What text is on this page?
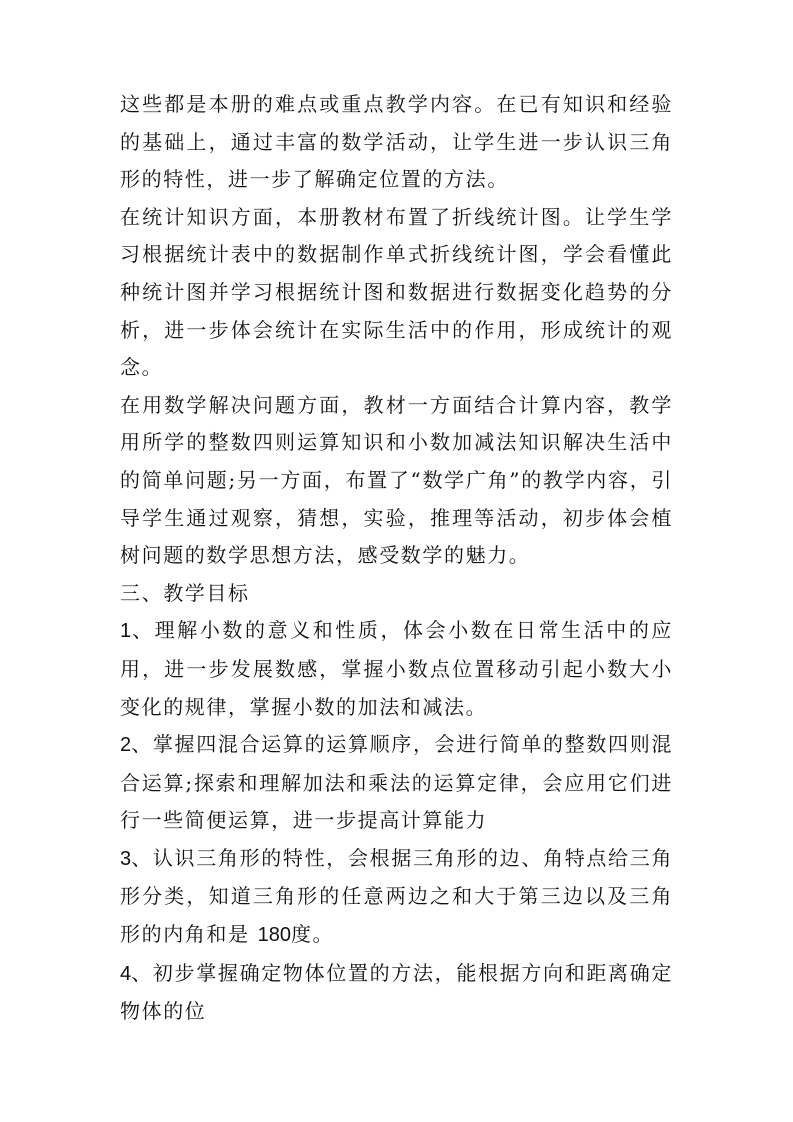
这些都是本册的难点或重点教学内容。在已有知识和经验的基础上，通过丰富的数学活动，让学生进一步认识三角形的特性，进一步了解确定位置的方法。

在统计知识方面，本册教材布置了折线统计图。让学生学习根据统计表中的数据制作单式折线统计图，学会看懂此种统计图并学习根据统计图和数据进行数据变化趋势的分析，进一步体会统计在实际生活中的作用，形成统计的观念。

在用数学解决问题方面，教材一方面结合计算内容，教学用所学的整数四则运算知识和小数加减法知识解决生活中的简单问题;另一方面，布置了“数学广角”的教学内容，引导学生通过观察，猜想，实验，推理等活动，初步体会植树问题的数学思想方法，感受数学的魅力。

三、教学目标

1、理解小数的意义和性质，体会小数在日常生活中的应用，进一步发展数感，掌握小数点位置移动引起小数大小变化的规律，掌握小数的加法和减法。

2、掌握四混合运算的运算顺序，会进行简单的整数四则混合运算;探索和理解加法和乘法的运算定律，会应用它们进行一些简便运算，进一步提高计算能力

3、认识三角形的特性，会根据三角形的边、角特点给三角形分类，知道三角形的任意两边之和大于第三边以及三角形的内角和是 180度。

4、初步掌握确定物体位置的方法，能根据方向和距离确定物体的位
